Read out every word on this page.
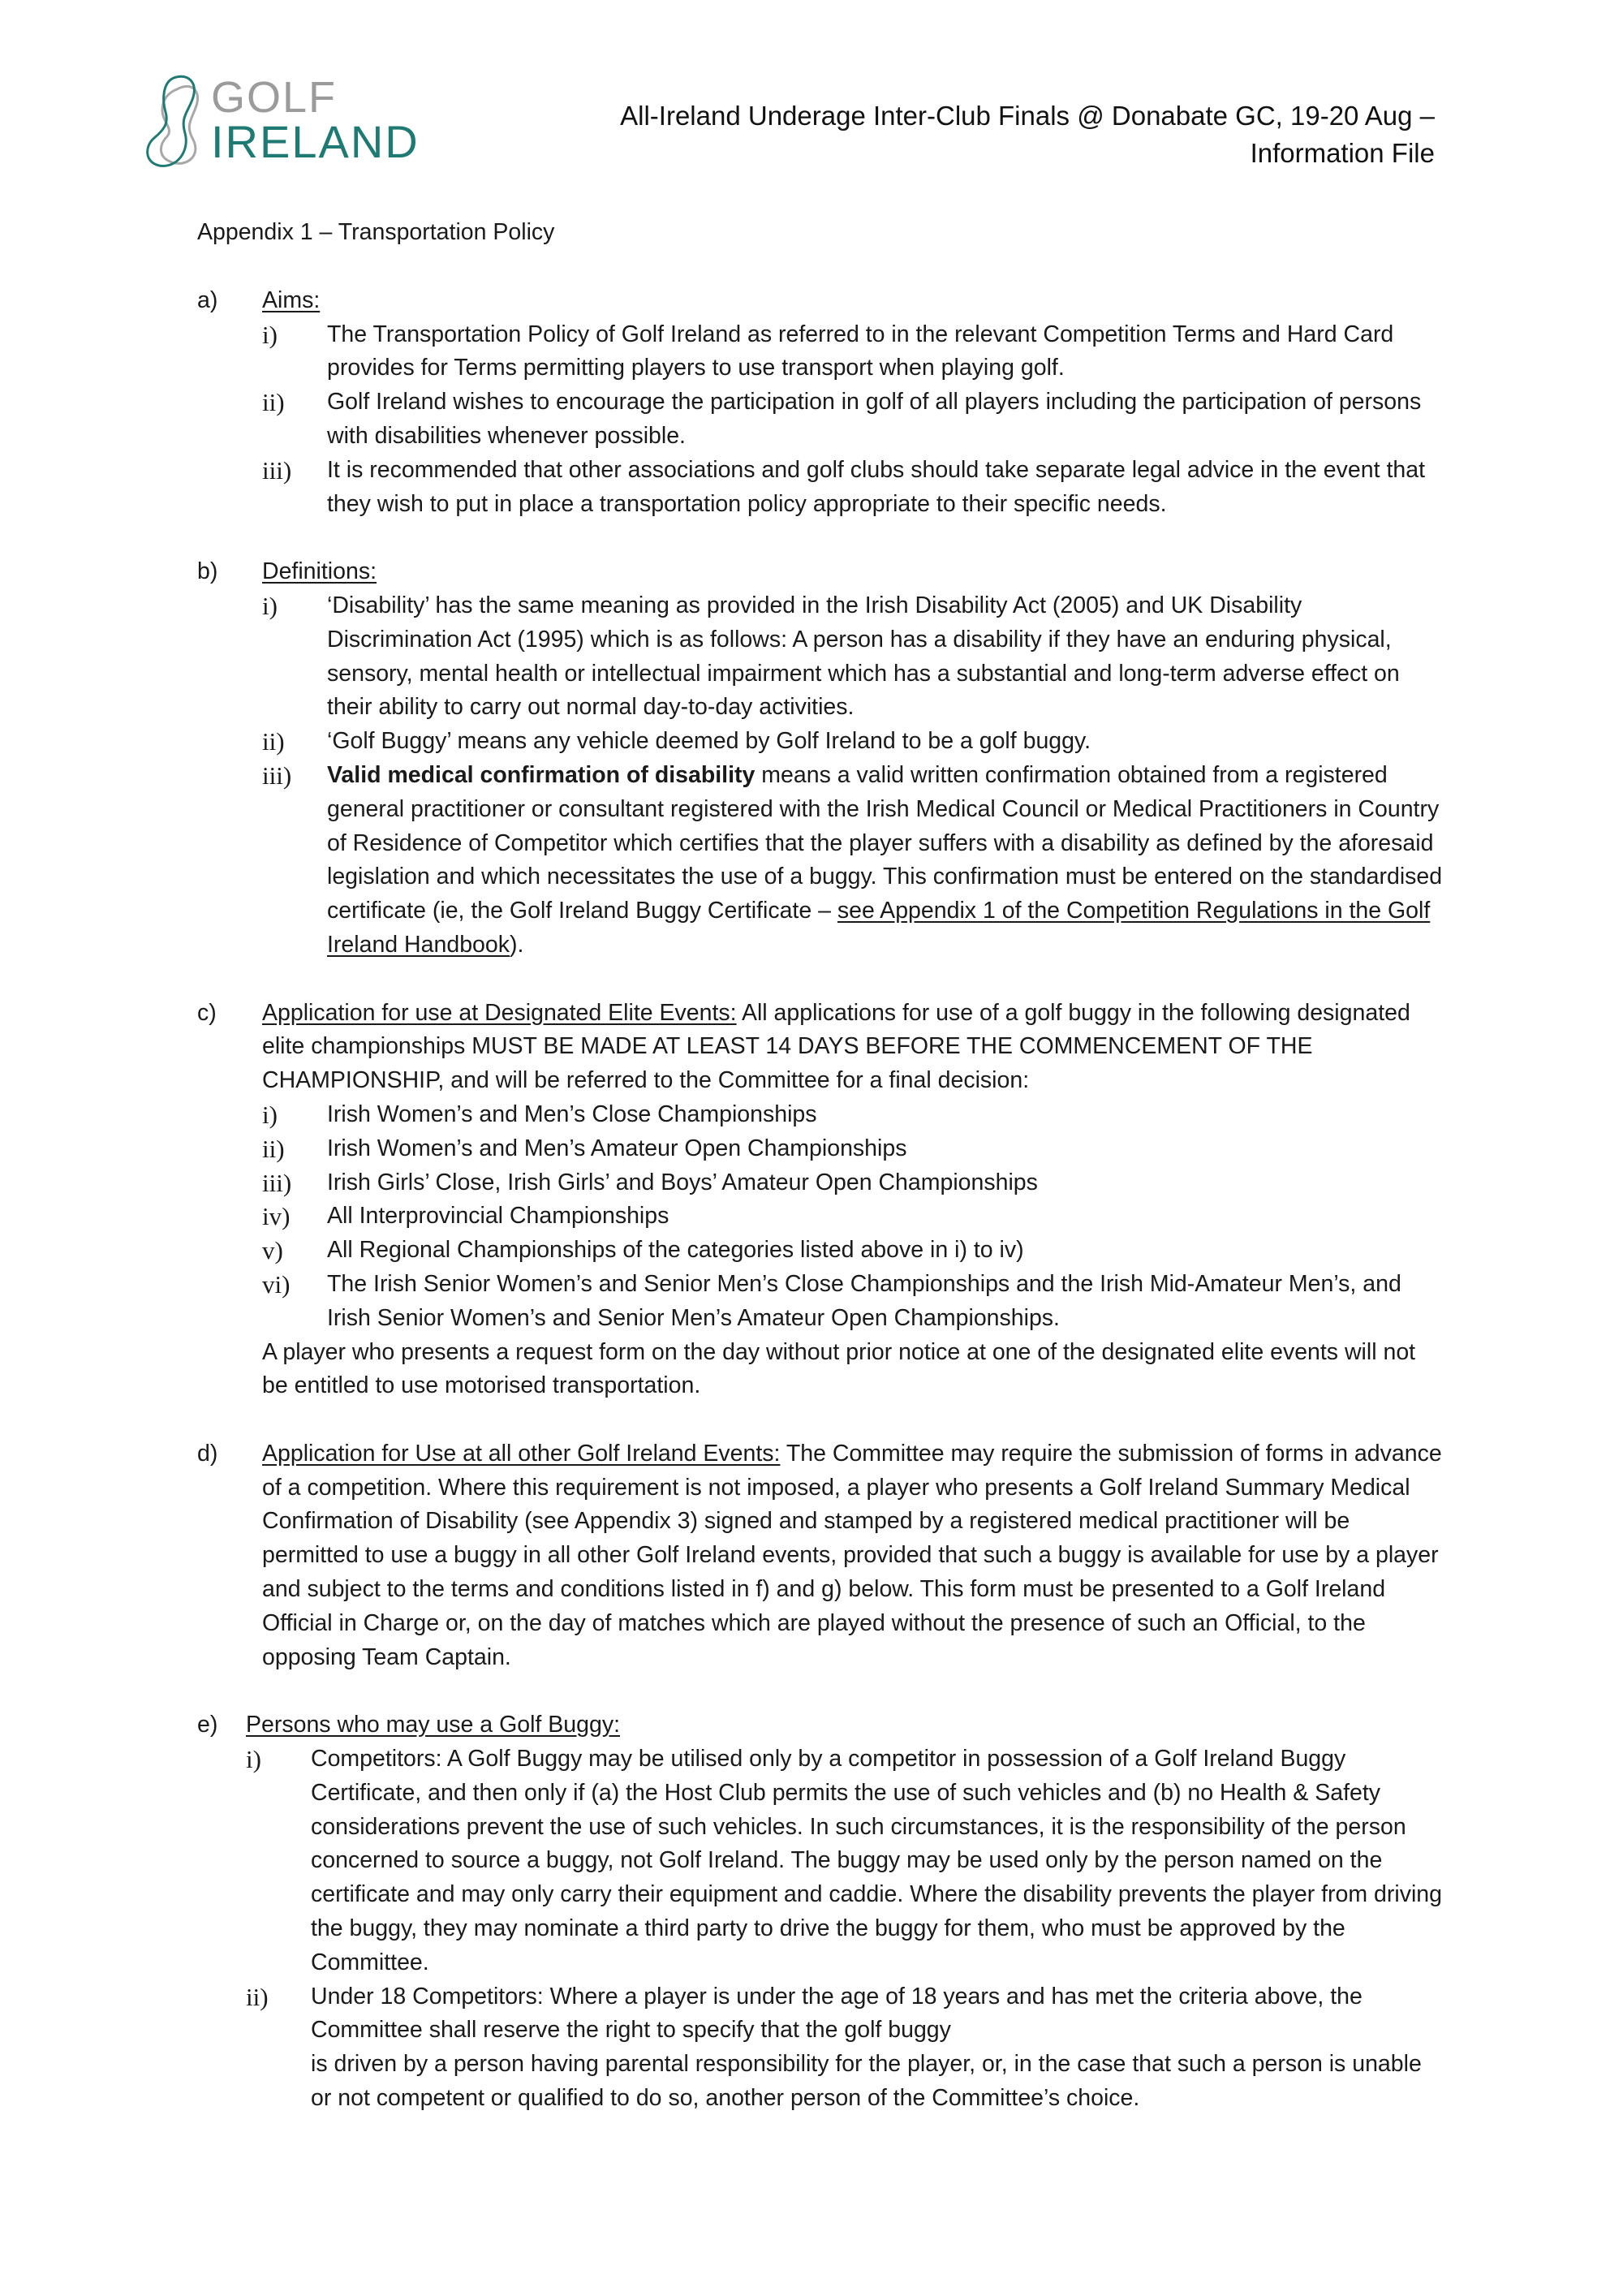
GOLF
IRELAND
All-Ireland Underage Inter-Club Finals @ Donabate GC, 19-20 Aug –
Information File
Appendix 1 – Transportation Policy
a) Aims:
i) The Transportation Policy of Golf Ireland as referred to in the relevant Competition Terms and Hard Card provides for Terms permitting players to use transport when playing golf.
ii) Golf Ireland wishes to encourage the participation in golf of all players including the participation of persons with disabilities whenever possible.
iii) It is recommended that other associations and golf clubs should take separate legal advice in the event that they wish to put in place a transportation policy appropriate to their specific needs.
b) Definitions:
i) ‘Disability’ has the same meaning as provided in the Irish Disability Act (2005) and UK Disability Discrimination Act (1995) which is as follows: A person has a disability if they have an enduring physical, sensory, mental health or intellectual impairment which has a substantial and long-term adverse effect on their ability to carry out normal day-to-day activities.
ii) ‘Golf Buggy’ means any vehicle deemed by Golf Ireland to be a golf buggy.
iii) Valid medical confirmation of disability means a valid written confirmation obtained from a registered general practitioner or consultant registered with the Irish Medical Council or Medical Practitioners in Country of Residence of Competitor which certifies that the player suffers with a disability as defined by the aforesaid legislation and which necessitates the use of a buggy. This confirmation must be entered on the standardised certificate (ie, the Golf Ireland Buggy Certificate – see Appendix 1 of the Competition Regulations in the Golf Ireland Handbook).
c) Application for use at Designated Elite Events: All applications for use of a golf buggy in the following designated elite championships MUST BE MADE AT LEAST 14 DAYS BEFORE THE COMMENCEMENT OF THE CHAMPIONSHIP, and will be referred to the Committee for a final decision:
i) Irish Women’s and Men’s Close Championships
ii) Irish Women’s and Men’s Amateur Open Championships
iii) Irish Girls’ Close, Irish Girls’ and Boys’ Amateur Open Championships
iv) All Interprovincial Championships
v) All Regional Championships of the categories listed above in i) to iv)
vi) The Irish Senior Women’s and Senior Men’s Close Championships and the Irish Mid-Amateur Men’s, and Irish Senior Women’s and Senior Men’s Amateur Open Championships.
A player who presents a request form on the day without prior notice at one of the designated elite events will not be entitled to use motorised transportation.
d) Application for Use at all other Golf Ireland Events: The Committee may require the submission of forms in advance of a competition. Where this requirement is not imposed, a player who presents a Golf Ireland Summary Medical Confirmation of Disability (see Appendix 3) signed and stamped by a registered medical practitioner will be permitted to use a buggy in all other Golf Ireland events, provided that such a buggy is available for use by a player and subject to the terms and conditions listed in f) and g) below. This form must be presented to a Golf Ireland Official in Charge or, on the day of matches which are played without the presence of such an Official, to the opposing Team Captain.
e) Persons who may use a Golf Buggy:
i) Competitors: A Golf Buggy may be utilised only by a competitor in possession of a Golf Ireland Buggy Certificate, and then only if (a) the Host Club permits the use of such vehicles and (b) no Health & Safety considerations prevent the use of such vehicles. In such circumstances, it is the responsibility of the person concerned to source a buggy, not Golf Ireland. The buggy may be used only by the person named on the certificate and may only carry their equipment and caddie. Where the disability prevents the player from driving the buggy, they may nominate a third party to drive the buggy for them, who must be approved by the Committee.
ii) Under 18 Competitors: Where a player is under the age of 18 years and has met the criteria above, the Committee shall reserve the right to specify that the golf buggy
is driven by a person having parental responsibility for the player, or, in the case that such a person is unable or not competent or qualified to do so, another person of the Committee’s choice.
